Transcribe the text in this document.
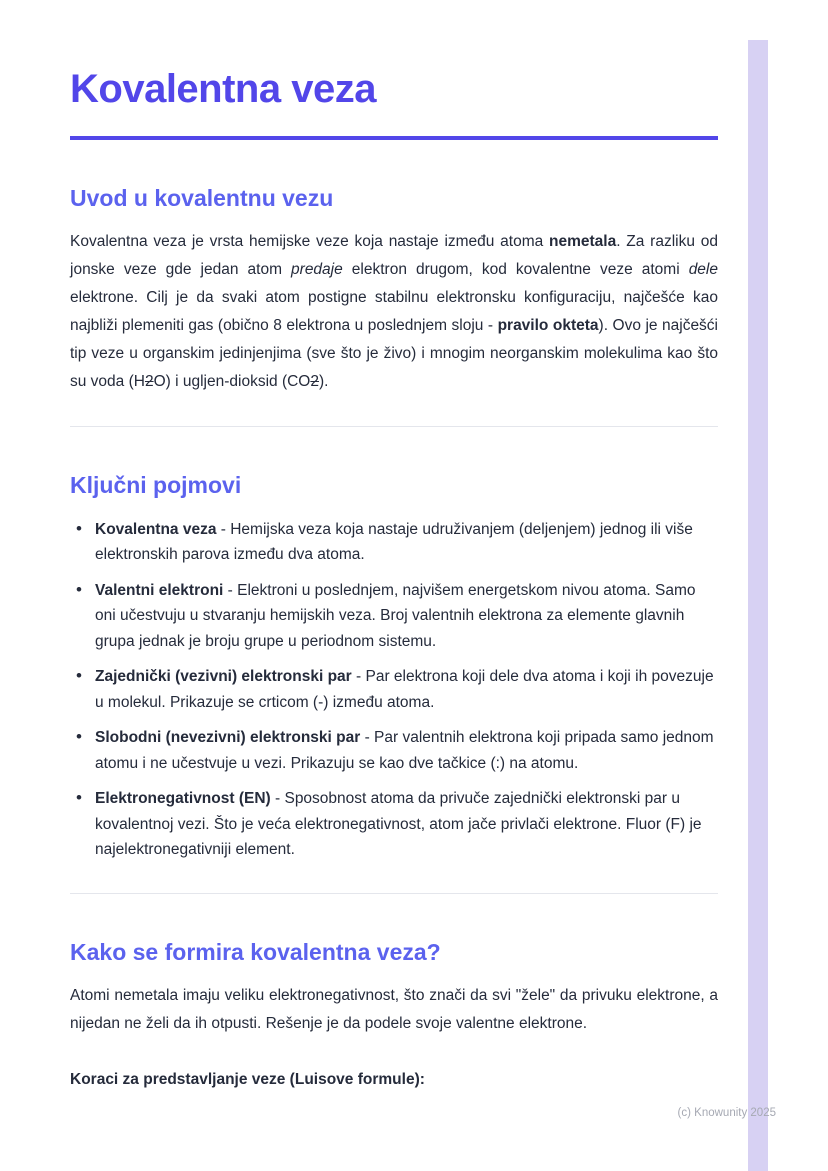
Kovalentna veza
Uvod u kovalentnu vezu

Kovalentna veza je vrsta hemijske veze koja nastaje između atoma nemetala. Za razliku od jonske veze gde jedan atom predaje elektron drugom, kod kovalentne veze atomi dele elektrone. Cilj je da svaki atom postigne stabilnu elektronsku konfiguraciju, najčešće kao najbliži plemeniti gas (obično 8 elektrona u poslednjem sloju - pravilo okteta). Ovo je najčešći tip veze u organskim jedinjenjima (sve što je živo) i mnogim neorganskim molekulima kao što su voda (H2O) i ugljen-dioksid (CO2).

Ključni pojmovi
• Kovalentna veza - Hemijska veza koja nastaje udruživanjem (deljenjem) jednog ili više elektronskih parova između dva atoma.
• Valentni elektroni - Elektroni u poslednjem, najvišem energetskom nivou atoma. Samo oni učestvuju u stvaranju hemijskih veza. Broj valentnih elektrona za elemente glavnih grupa jednak je broju grupe u periodnom sistemu.
• Zajednički (vezivni) elektronski par - Par elektrona koji dele dva atoma i koji ih povezuje u molekul. Prikazuje se crticom (-) između atoma.
• Slobodni (nevezivni) elektronski par - Par valentnih elektrona koji pripada samo jednom atomu i ne učestvuje u vezi. Prikazuju se kao dve tačkice (:) na atomu.
• Elektronegativnost (EN) - Sposobnost atoma da privuče zajednički elektronski par u kovalentnoj vezi. Što je veća elektronegativnost, atom jače privlači elektrone. Fluor (F) je najelektronegativniji element.
Kako se formira kovalentna veza?

Atomi nemetala imaju veliku elektronegativnost, što znači da svi "žele" da privuku elektrone, a nijedan ne želi da ih otpusti. Rešenje je da podele svoje valentne elektrone.

Koraci za predstavljanje veze (Luisove formule):

(c) Knowunity 2025
